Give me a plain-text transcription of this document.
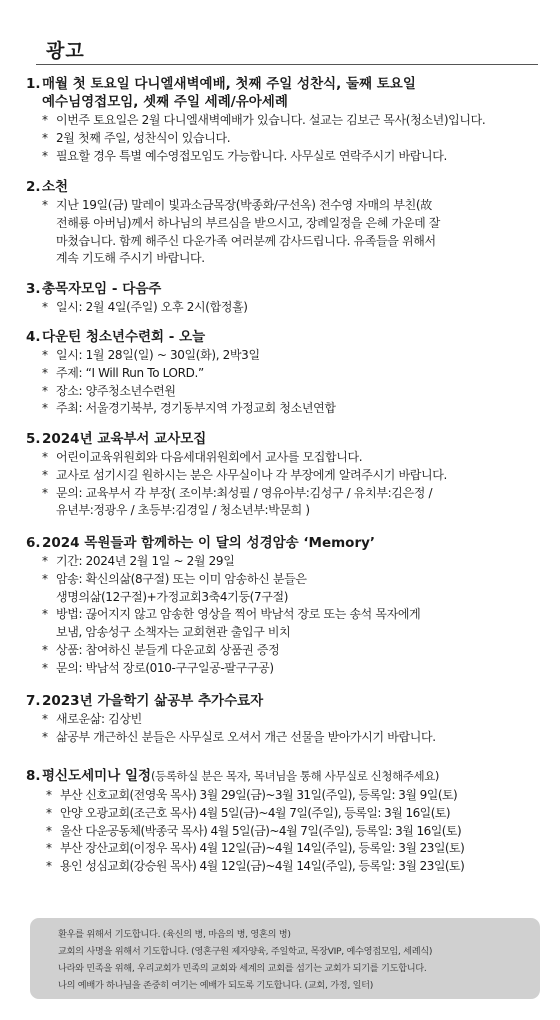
광고
1. 매월 첫 토요일 다니엘새벽예배, 첫째 주일 성찬식, 둘째 토요일
예수님영접모임, 셋째 주일 세례/유아세례
* 이번주 토요일은 2월 다니엘새벽예배가 있습니다. 설교는 김보근 목사(청소년)입니다.
* 2월 첫째 주일, 성찬식이 있습니다.
* 필요할 경우 특별 예수영접모임도 가능합니다. 사무실로 연락주시기 바랍니다.
2. 소천
* 지난 19일(금) 말레이 빛과소금목장(박종화/구선옥) 전수영 자매의 부친(故
전해룡 아버님)께서 하나님의 부르심을 받으시고, 장례일정을 은혜 가운데 잘
마쳤습니다. 함께 해주신 다운가족 여러분께 감사드립니다. 유족들을 위해서
계속 기도해 주시기 바랍니다.
3. 총목자모임 - 다음주
* 일시: 2월 4일(주일) 오후 2시(합정홀)
4. 다운틴 청소년수련회 - 오늘
* 일시: 1월 28일(일) ~ 30일(화), 2박3일
* 주제: “I Will Run To LORD.”
* 장소: 양주청소년수련원
* 주최: 서울경기북부, 경기동부지역 가정교회 청소년연합
5. 2024년 교육부서 교사모집
* 어린이교육위원회와 다음세대위원회에서 교사를 모집합니다.
* 교사로 섬기시길 원하시는 분은 사무실이나 각 부장에게 알려주시기 바랍니다.
* 문의: 교육부서 각 부장( 조이부:최성필 / 영유아부:김성구 / 유치부:김은정 /
유년부:정광우 / 초등부:김경일 / 청소년부:박문희 )
6. 2024 목원들과 함께하는 이 달의 성경암송 ‘Memory’
* 기간: 2024년 2월 1일 ~ 2월 29일
* 암송: 확신의삶(8구절) 또는 이미 암송하신 분들은
생명의삶(12구절)+가정교회3축4기둥(7구절)
* 방법: 끊어지지 않고 암송한 영상을 찍어 박남석 장로 또는 송석 목자에게
보냄, 암송성구 소책자는 교회현관 출입구 비치
* 상품: 참여하신 분들게 다운교회 상품권 증정
* 문의: 박남석 장로(010-구구일공-팔구구공)
7. 2023년 가을학기 삶공부 추가수료자
* 새로운삶: 김상빈
* 삶공부 개근하신 분들은 사무실로 오셔서 개근 선물을 받아가시기 바랍니다.
8. 평신도세미나 일정(등록하실 분은 목자, 목녀님을 통해 사무실로 신청해주세요)
* 부산 신호교회(전영욱 목사) 3월 29일(금)~3월 31일(주일), 등록일: 3월 9일(토)
* 안양 오광교회(조근호 목사) 4월 5일(금)~4월 7일(주일), 등록일: 3월 16일(토)
* 울산 다운공동체(박종국 목사) 4월 5일(금)~4월 7일(주일), 등록일: 3월 16일(토)
* 부산 장산교회(이정우 목사) 4월 12일(금)~4월 14일(주일), 등록일: 3월 23일(토)
* 용인 성심교회(강승원 목사) 4월 12일(금)~4월 14일(주일), 등록일: 3월 23일(토)
환우를 위해서 기도합니다. (육신의 병, 마음의 병, 영혼의 병)
교회의 사명을 위해서 기도합니다. (영혼구원 제자양육, 주일학교, 목장VIP, 예수영접모임, 세례식)
나라와 민족을 위해, 우리교회가 민족의 교회와 세계의 교회를 섬기는 교회가 되기를 기도합니다.
나의 예배가 하나님을 존중히 여기는 예배가 되도록 기도합니다. (교회, 가정, 일터)
